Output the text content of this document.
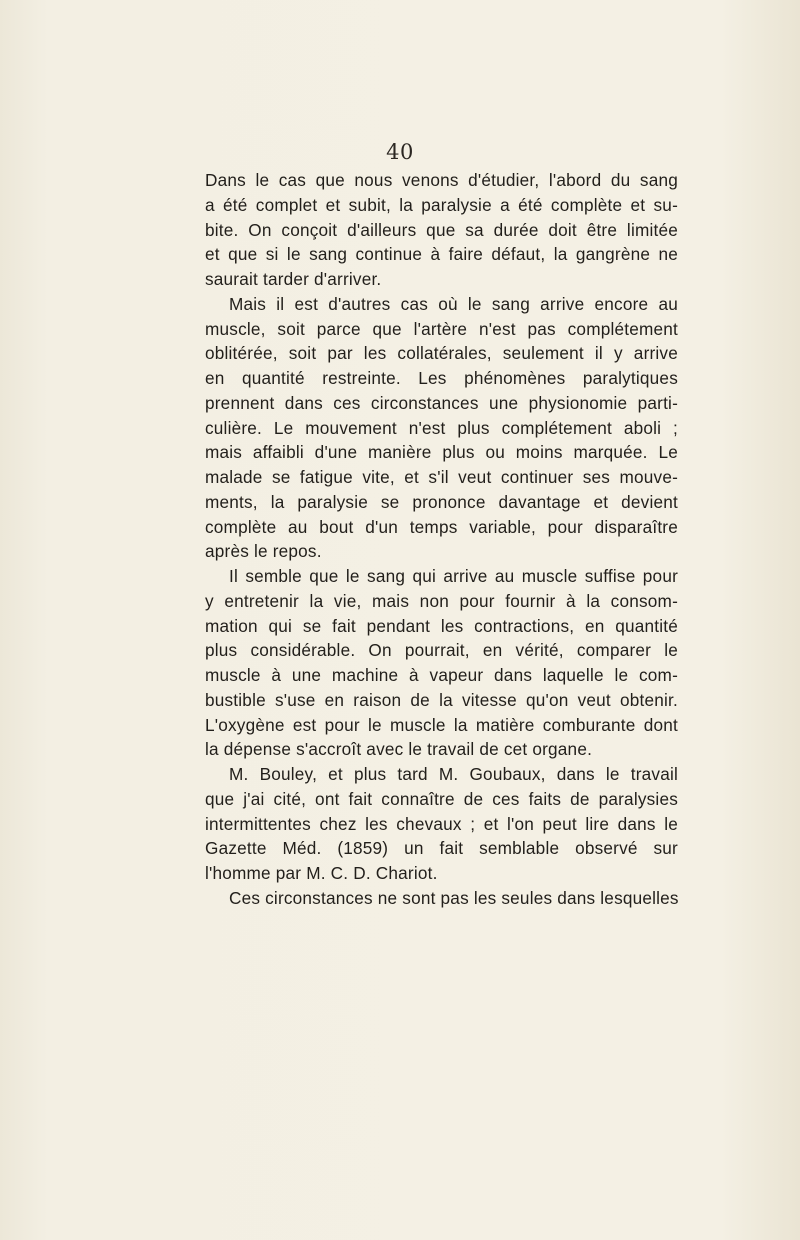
40
Dans le cas que nous venons d'étudier, l'abord du sang
a été complet et subit, la paralysie a été complète et su-
bite. On conçoit d'ailleurs que sa durée doit être limitée
et que si le sang continue à faire défaut, la gangrène ne
saurait tarder d'arriver.
Mais il est d'autres cas où le sang arrive encore au
muscle, soit parce que l'artère n'est pas complétement
oblitérée, soit par les collatérales, seulement il y arrive
en quantité restreinte. Les phénomènes paralytiques
prennent dans ces circonstances une physionomie parti-
culière. Le mouvement n'est plus complétement aboli ;
mais affaibli d'une manière plus ou moins marquée. Le
malade se fatigue vite, et s'il veut continuer ses mouve-
ments, la paralysie se prononce davantage et devient
complète au bout d'un temps variable, pour disparaître
après le repos.
Il semble que le sang qui arrive au muscle suffise pour
y entretenir la vie, mais non pour fournir à la consom-
mation qui se fait pendant les contractions, en quantité
plus considérable. On pourrait, en vérité, comparer le
muscle à une machine à vapeur dans laquelle le com-
bustible s'use en raison de la vitesse qu'on veut obtenir.
L'oxygène est pour le muscle la matière comburante dont
la dépense s'accroît avec le travail de cet organe.
M. Bouley, et plus tard M. Goubaux, dans le travail
que j'ai cité, ont fait connaître de ces faits de paralysies
intermittentes chez les chevaux ; et l'on peut lire dans le
Gazette Méd. (1859) un fait semblable observé sur
l'homme par M. C. D. Chariot.
Ces circonstances ne sont pas les seules dans lesquelles
